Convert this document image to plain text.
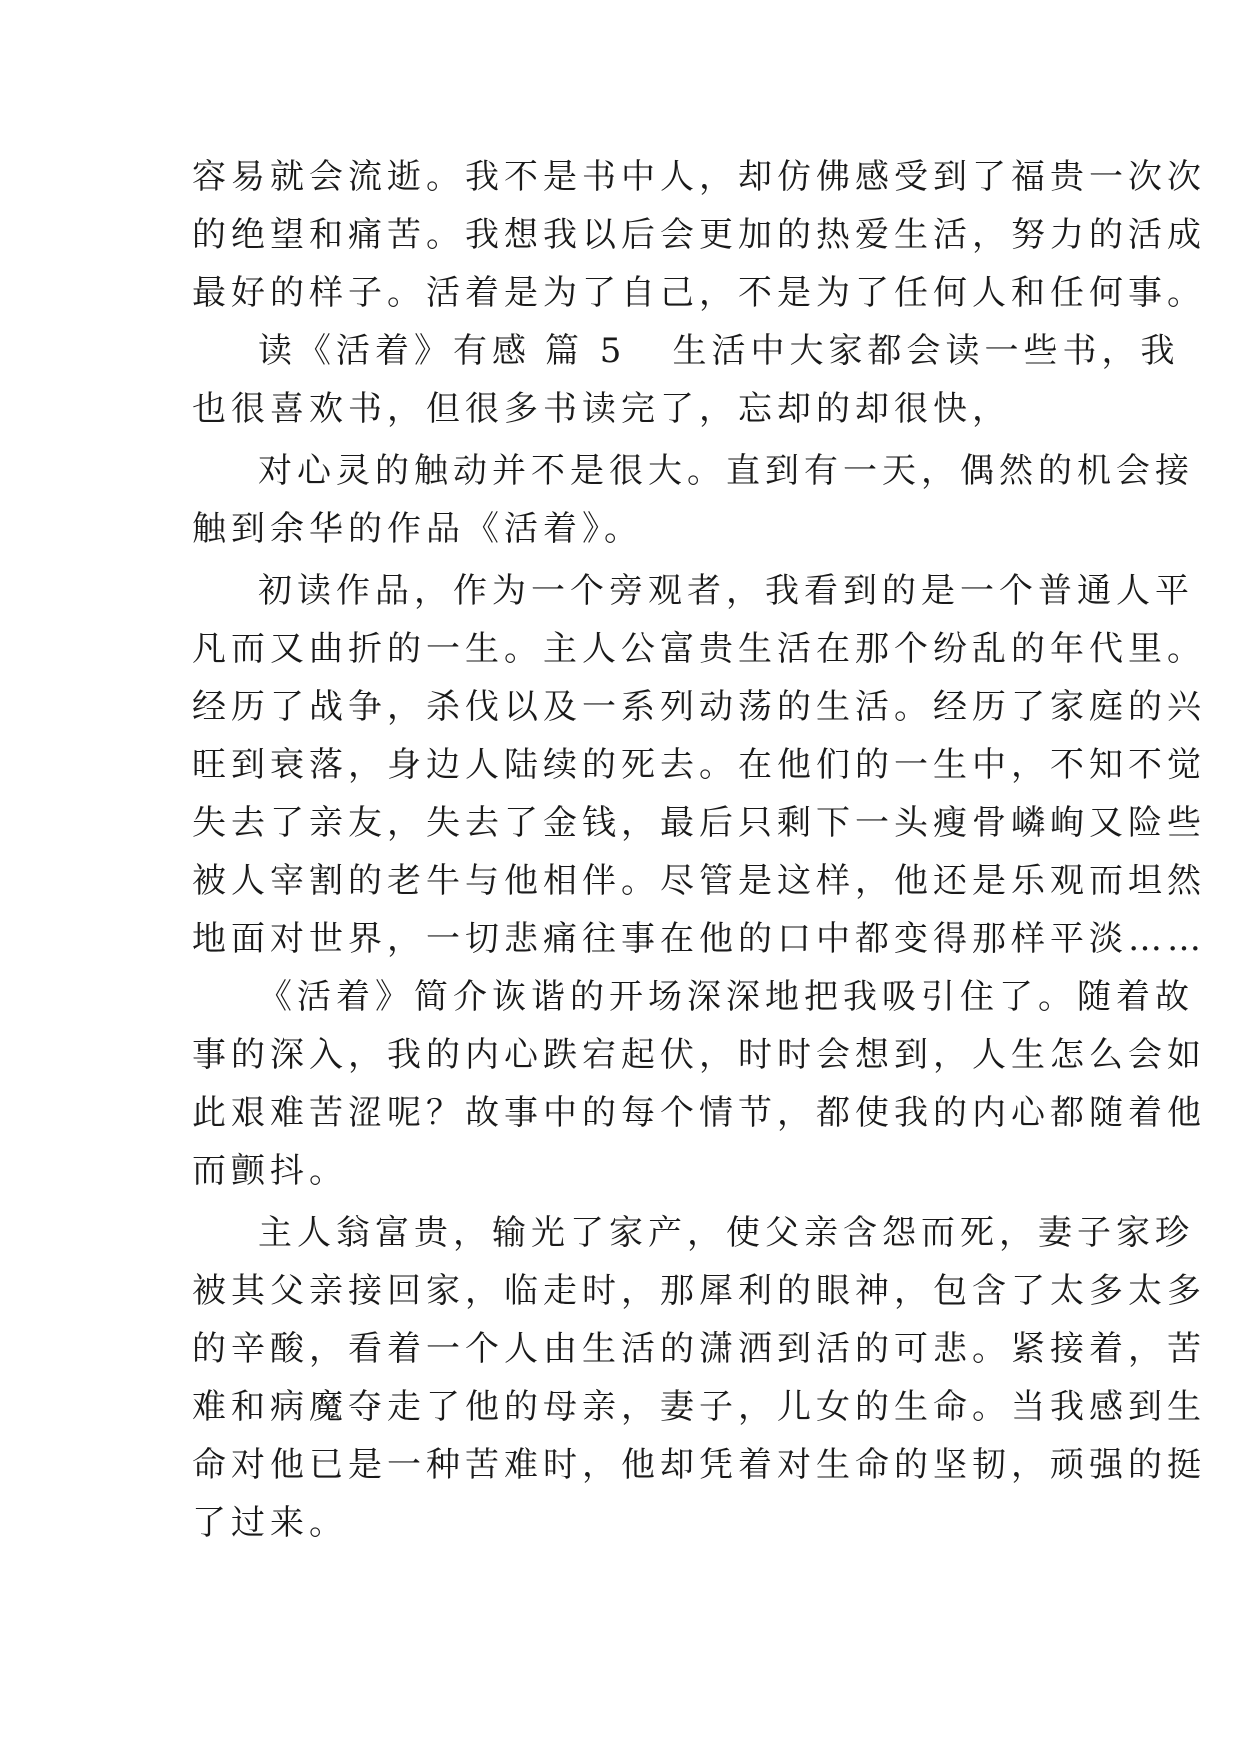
容易就会流逝。我不是书中人，却仿佛感受到了福贵一次次
的绝望和痛苦。我想我以后会更加的热爱生活，努力的活成
最好的样子。活着是为了自己，不是为了任何人和任何事。
读《活着》有感 篇 5 生活中大家都会读一些书，我
也很喜欢书，但很多书读完了，忘却的却很快，
对心灵的触动并不是很大。直到有一天，偶然的机会接
触到余华的作品《活着》。
初读作品，作为一个旁观者，我看到的是一个普通人平
凡而又曲折的一生。主人公富贵生活在那个纷乱的年代里。
经历了战争，杀伐以及一系列动荡的生活。经历了家庭的兴
旺到衰落，身边人陆续的死去。在他们的一生中，不知不觉
失去了亲友，失去了金钱，最后只剩下一头瘦骨嶙峋又险些
被人宰割的老牛与他相伴。尽管是这样，他还是乐观而坦然
地面对世界，一切悲痛往事在他的口中都变得那样平淡……
《活着》简介诙谐的开场深深地把我吸引住了。随着故
事的深入，我的内心跌宕起伏，时时会想到，人生怎么会如
此艰难苦涩呢？故事中的每个情节，都使我的内心都随着他
而颤抖。
主人翁富贵，输光了家产，使父亲含怨而死，妻子家珍
被其父亲接回家，临走时，那犀利的眼神，包含了太多太多
的辛酸，看着一个人由生活的潇洒到活的可悲。紧接着，苦
难和病魔夺走了他的母亲，妻子，儿女的生命。当我感到生
命对他已是一种苦难时，他却凭着对生命的坚韧，顽强的挺
了过来。
